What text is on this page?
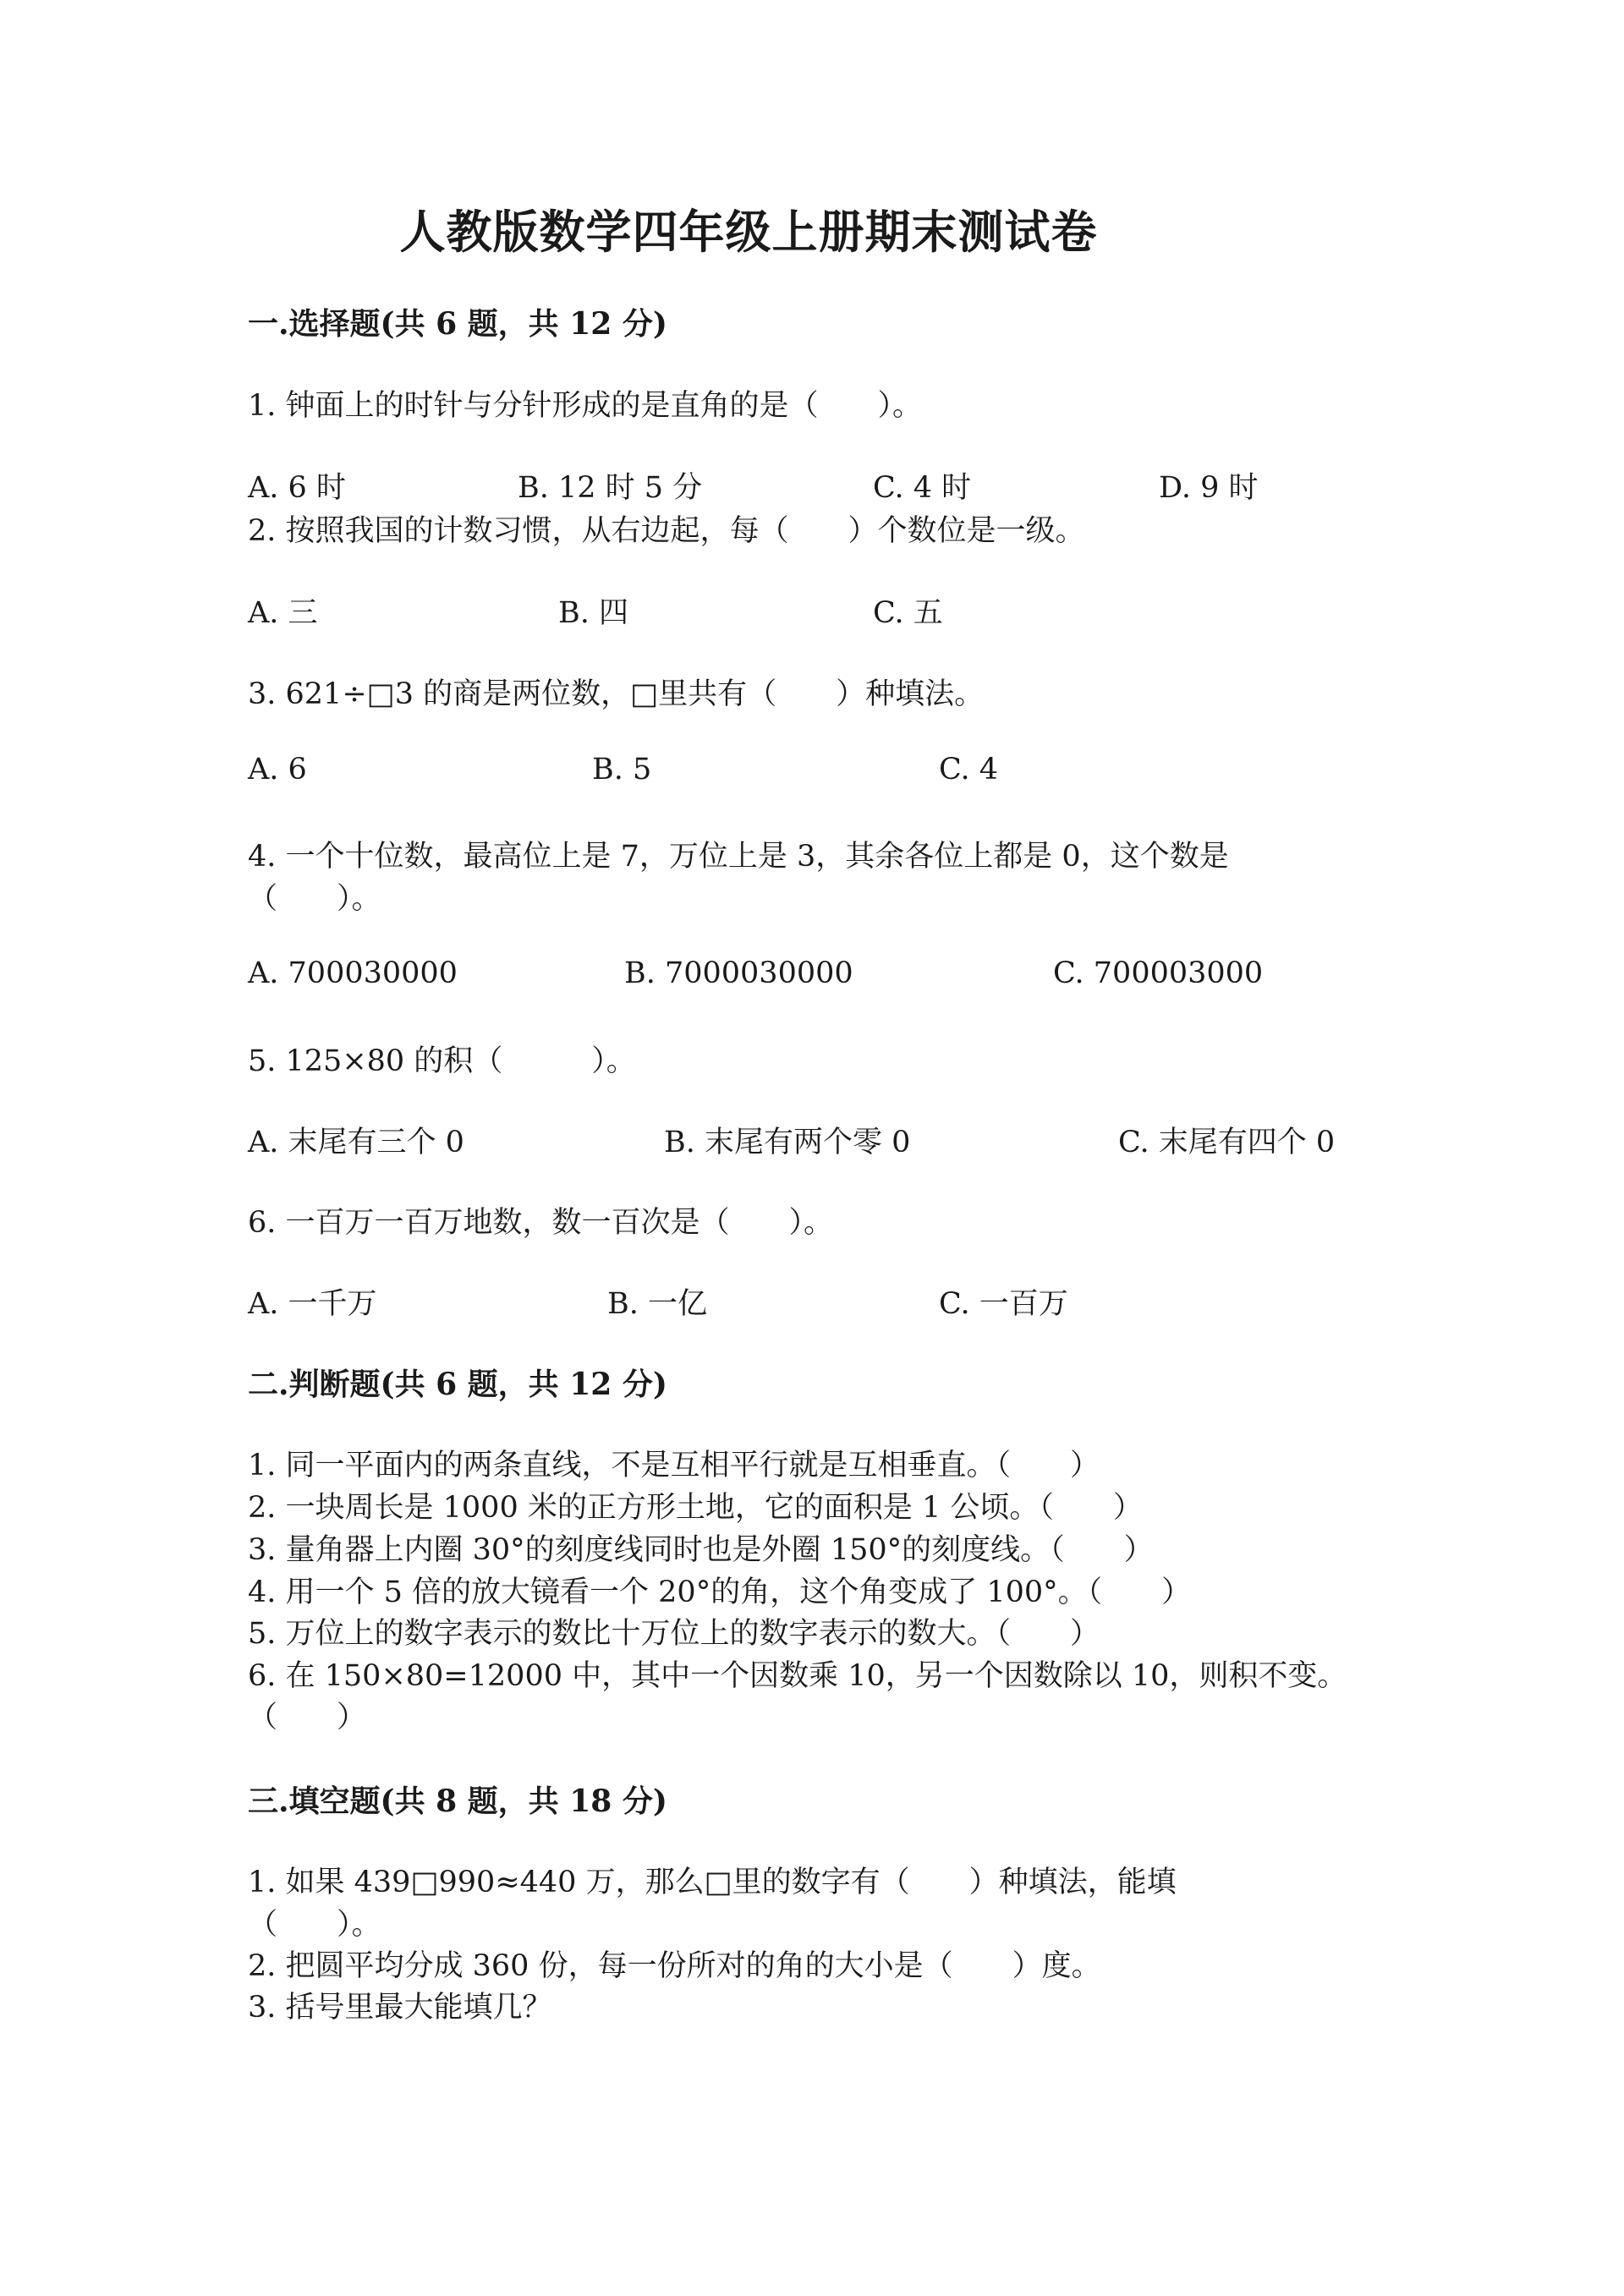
人教版数学四年级上册期末测试卷
一.选择题(共 6 题，共 12 分)
1. 钟面上的时针与分针形成的是直角的是（　　）。
A. 6 时	B. 12 时 5 分	C. 4 时	D. 9 时
2. 按照我国的计数习惯，从右边起，每（　　）个数位是一级。
A. 三	B. 四	C. 五
3. 621÷□3 的商是两位数，□里共有（　　）种填法。
A. 6	B. 5	C. 4
4. 一个十位数，最高位上是 7，万位上是 3，其余各位上都是 0，这个数是
（　　）。
A. 700030000	B. 7000030000	C. 700003000
5. 125×80 的积（　　　）。
A. 末尾有三个 0	B. 末尾有两个零 0	C. 末尾有四个 0
6. 一百万一百万地数，数一百次是（　　）。
A. 一千万	B. 一亿	C. 一百万
二.判断题(共 6 题，共 12 分)
1. 同一平面内的两条直线，不是互相平行就是互相垂直。（　　）
2. 一块周长是 1000 米的正方形土地，它的面积是 1 公顷。（　　）
3. 量角器上内圈 30°的刻度线同时也是外圈 150°的刻度线。（　　）
4. 用一个 5 倍的放大镜看一个 20°的角，这个角变成了 100°。（　　）
5. 万位上的数字表示的数比十万位上的数字表示的数大。（　　）
6. 在 150×80=12000 中，其中一个因数乘 10，另一个因数除以 10，则积不变。
（　　）
三.填空题(共 8 题，共 18 分)
1. 如果 439□990≈440 万，那么□里的数字有（　　）种填法，能填
（　　）。
2. 把圆平均分成 360 份，每一份所对的角的大小是（　　）度。
3. 括号里最大能填几？
